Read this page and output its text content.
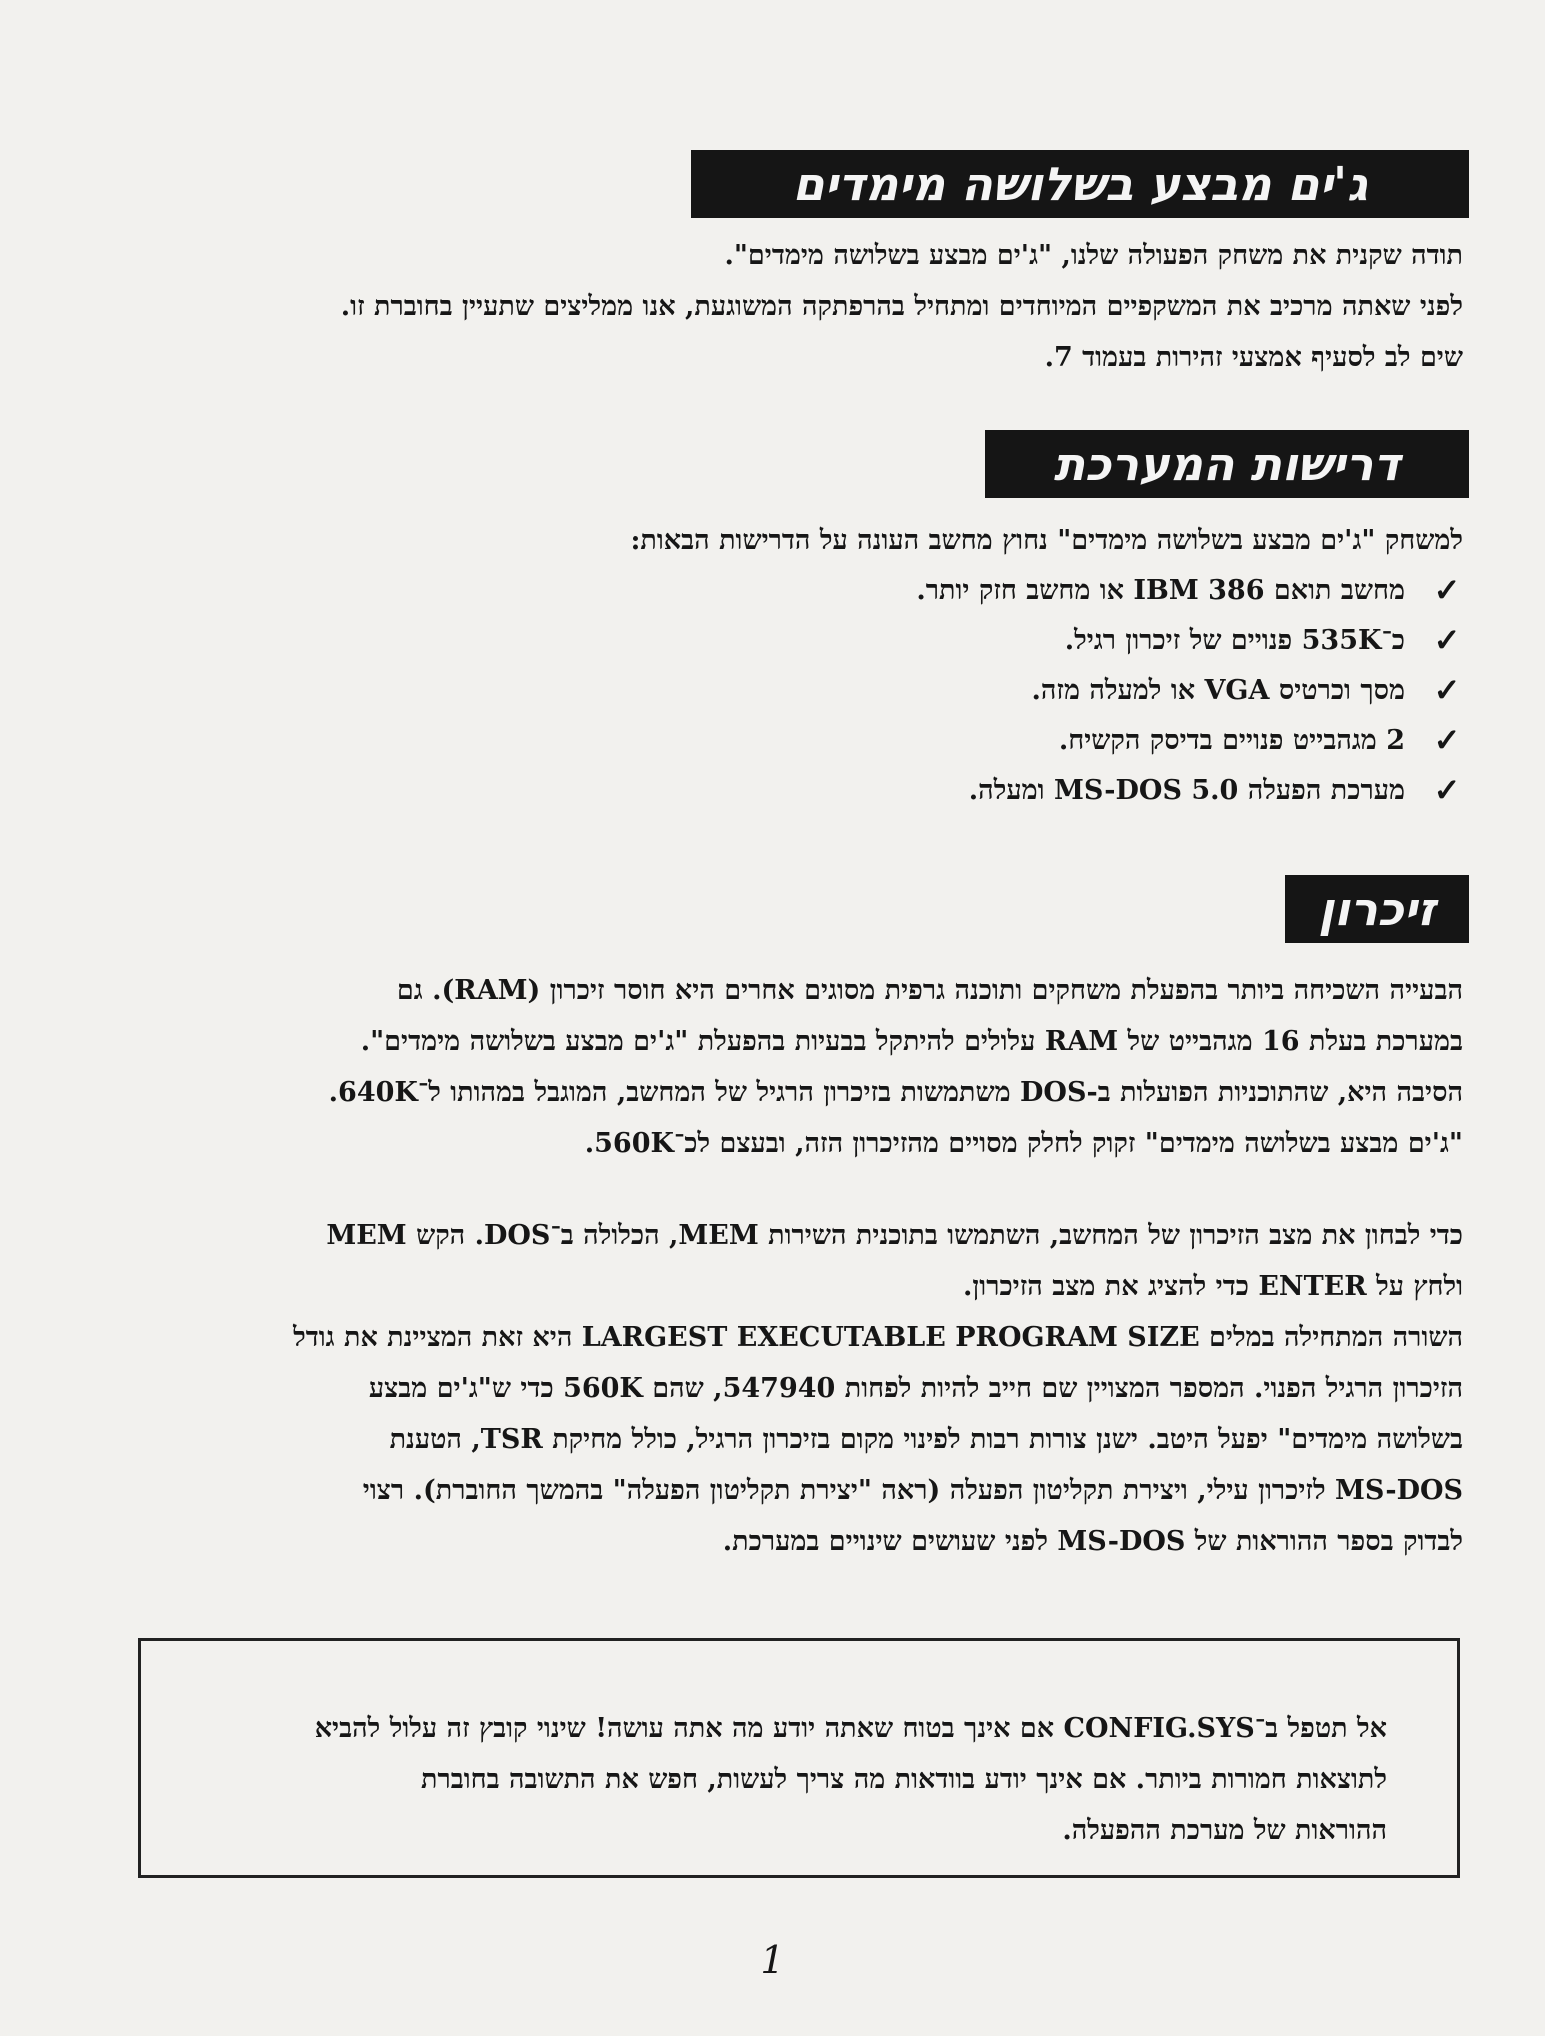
ג'ים מבצע בשלושה מימדים
תודה שקנית את משחק הפעולה שלנו, "ג'ים מבצע בשלושה מימדים".
לפני שאתה מרכיב את המשקפיים המיוחדים ומתחיל בהרפתקה המשוגעת, אנו ממליצים שתעיין בחוברת זו.
שים לב לסעיף אמצעי זהירות בעמוד 7.
דרישות המערכת
למשחק "ג'ים מבצע בשלושה מימדים" נחוץ מחשב העונה על הדרישות הבאות:
✓
מחשב תואם IBM 386 או מחשב חזק יותר.
✓
כ־535K פנויים של זיכרון רגיל.
✓
מסך וכרטיס VGA או למעלה מזה.
✓
2 מגהבייט פנויים בדיסק הקשיח.
✓
מערכת הפעלה MS-DOS 5.0 ומעלה.
זיכרון
הבעייה השכיחה ביותר בהפעלת משחקים ותוכנה גרפית מסוגים אחרים היא חוסר זיכרון (RAM). גם
במערכת בעלת 16 מגהבייט של RAM עלולים להיתקל בבעיות בהפעלת "ג'ים מבצע בשלושה מימדים".
הסיבה היא, שהתוכניות הפועלות ב-DOS משתמשות בזיכרון הרגיל של המחשב, המוגבל במהותו ל־640K.
"ג'ים מבצע בשלושה מימדים" זקוק לחלק מסויים מהזיכרון הזה, ובעצם לכ־560K.
כדי לבחון את מצב הזיכרון של המחשב, השתמשו בתוכנית השירות MEM, הכלולה ב־DOS. הקש MEM
ולחץ על ENTER כדי להציג את מצב הזיכרון.
השורה המתחילה במלים LARGEST EXECUTABLE PROGRAM SIZE היא זאת המציינת את גודל
הזיכרון הרגיל הפנוי. המספר המצויין שם חייב להיות לפחות 547940, שהם 560K כדי ש"ג'ים מבצע
בשלושה מימדים" יפעל היטב. ישנן צורות רבות לפינוי מקום בזיכרון הרגיל, כולל מחיקת TSR, הטענת
MS-DOS לזיכרון עילי, ויצירת תקליטון הפעלה (ראה "יצירת תקליטון הפעלה" בהמשך החוברת). רצוי
לבדוק בספר ההוראות של MS-DOS לפני שעושים שינויים במערכת.
אל תטפל ב־CONFIG.SYS אם אינך בטוח שאתה יודע מה אתה עושה! שינוי קובץ זה עלול להביא
לתוצאות חמורות ביותר. אם אינך יודע בוודאות מה צריך לעשות, חפש את התשובה בחוברת
ההוראות של מערכת ההפעלה.
1
